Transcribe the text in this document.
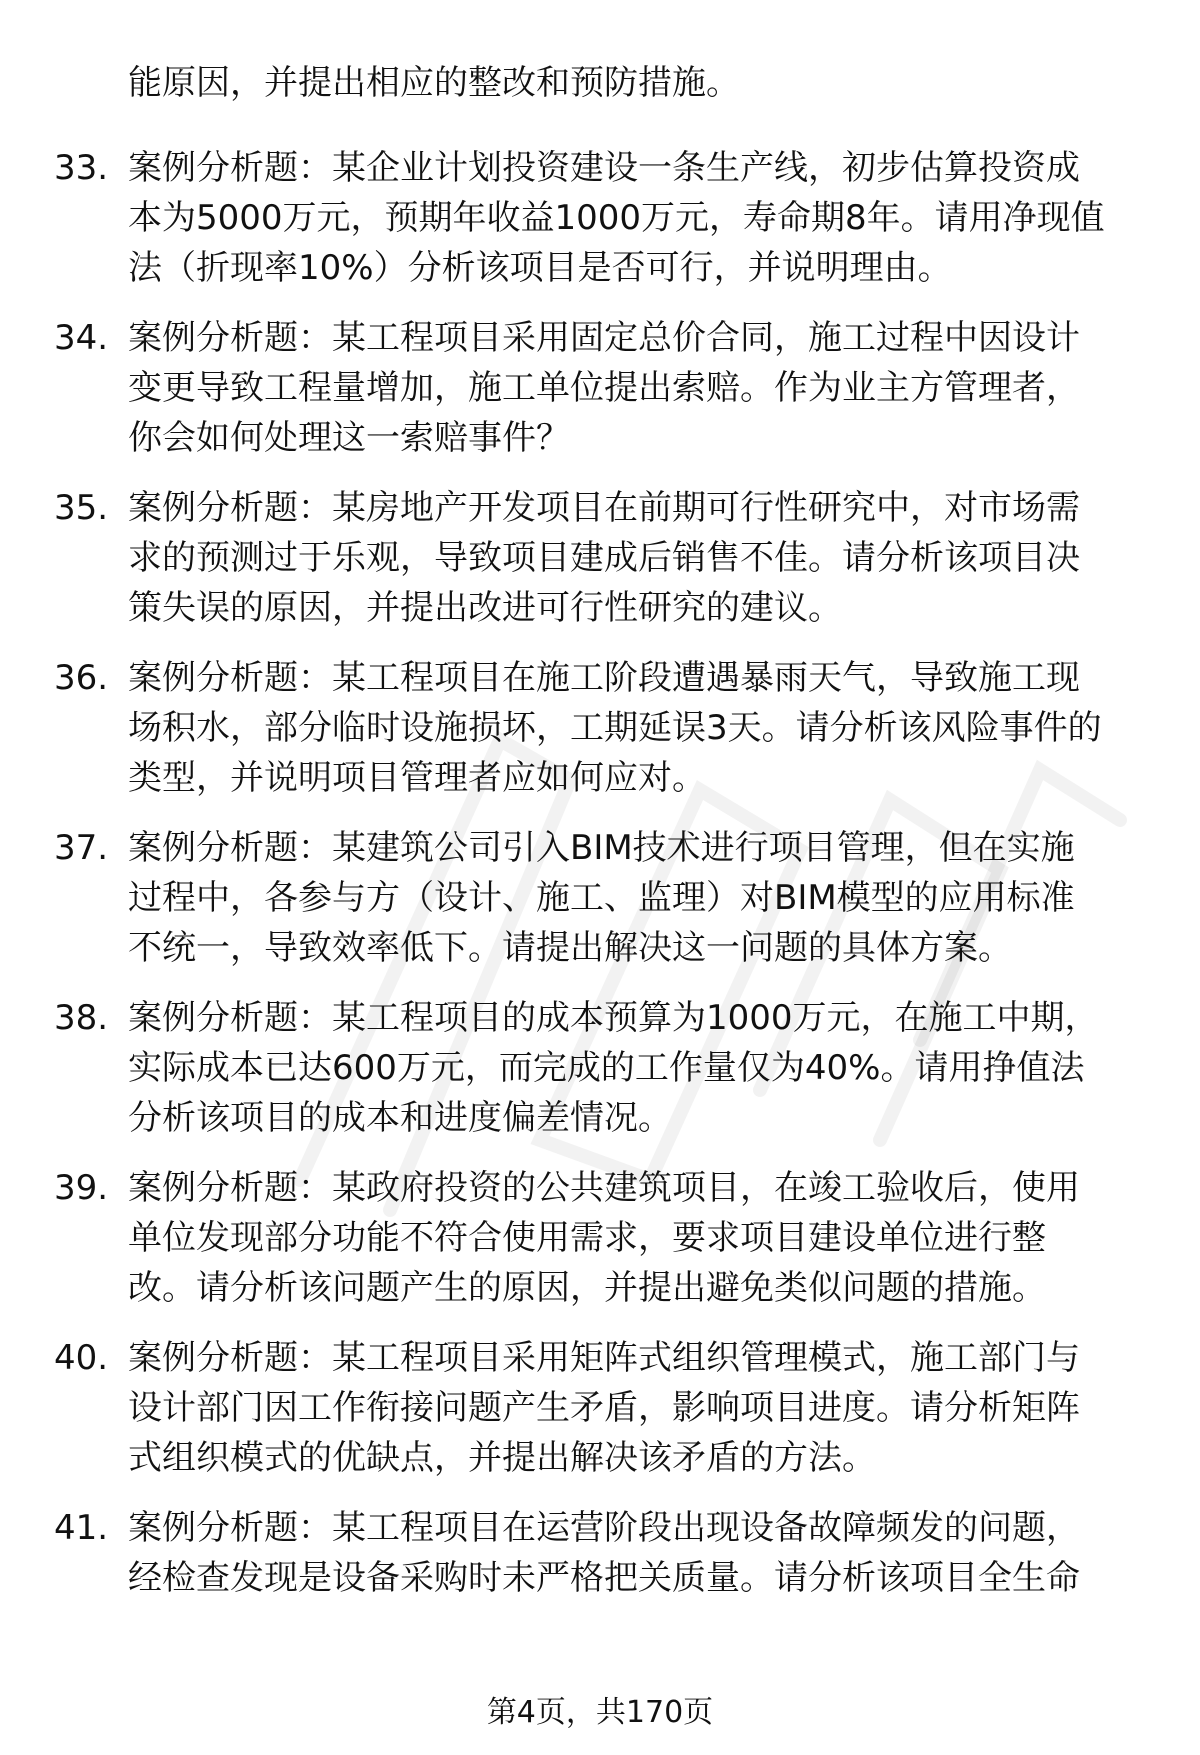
能原因，并提出相应的整改和预防措施。
33. 案例分析题：某企业计划投资建设一条生产线，初步估算投资成
本为5000万元，预期年收益1000万元，寿命期8年。请用净现值
法（折现率10%）分析该项目是否可行，并说明理由。
34. 案例分析题：某工程项目采用固定总价合同，施工过程中因设计
变更导致工程量增加，施工单位提出索赔。作为业主方管理者，
你会如何处理这一索赔事件？
35. 案例分析题：某房地产开发项目在前期可行性研究中，对市场需
求的预测过于乐观，导致项目建成后销售不佳。请分析该项目决
策失误的原因，并提出改进可行性研究的建议。
36. 案例分析题：某工程项目在施工阶段遭遇暴雨天气，导致施工现
场积水，部分临时设施损坏，工期延误3天。请分析该风险事件的
类型，并说明项目管理者应如何应对。
37. 案例分析题：某建筑公司引入BIM技术进行项目管理，但在实施
过程中，各参与方（设计、施工、监理）对BIM模型的应用标准
不统一，导致效率低下。请提出解决这一问题的具体方案。
38. 案例分析题：某工程项目的成本预算为1000万元，在施工中期，
实际成本已达600万元，而完成的工作量仅为40%。请用挣值法
分析该项目的成本和进度偏差情况。
39. 案例分析题：某政府投资的公共建筑项目，在竣工验收后，使用
单位发现部分功能不符合使用需求，要求项目建设单位进行整
改。请分析该问题产生的原因，并提出避免类似问题的措施。
40. 案例分析题：某工程项目采用矩阵式组织管理模式，施工部门与
设计部门因工作衔接问题产生矛盾，影响项目进度。请分析矩阵
式组织模式的优缺点，并提出解决该矛盾的方法。
41. 案例分析题：某工程项目在运营阶段出现设备故障频发的问题，
经检查发现是设备采购时未严格把关质量。请分析该项目全生命
第4页，共170页
